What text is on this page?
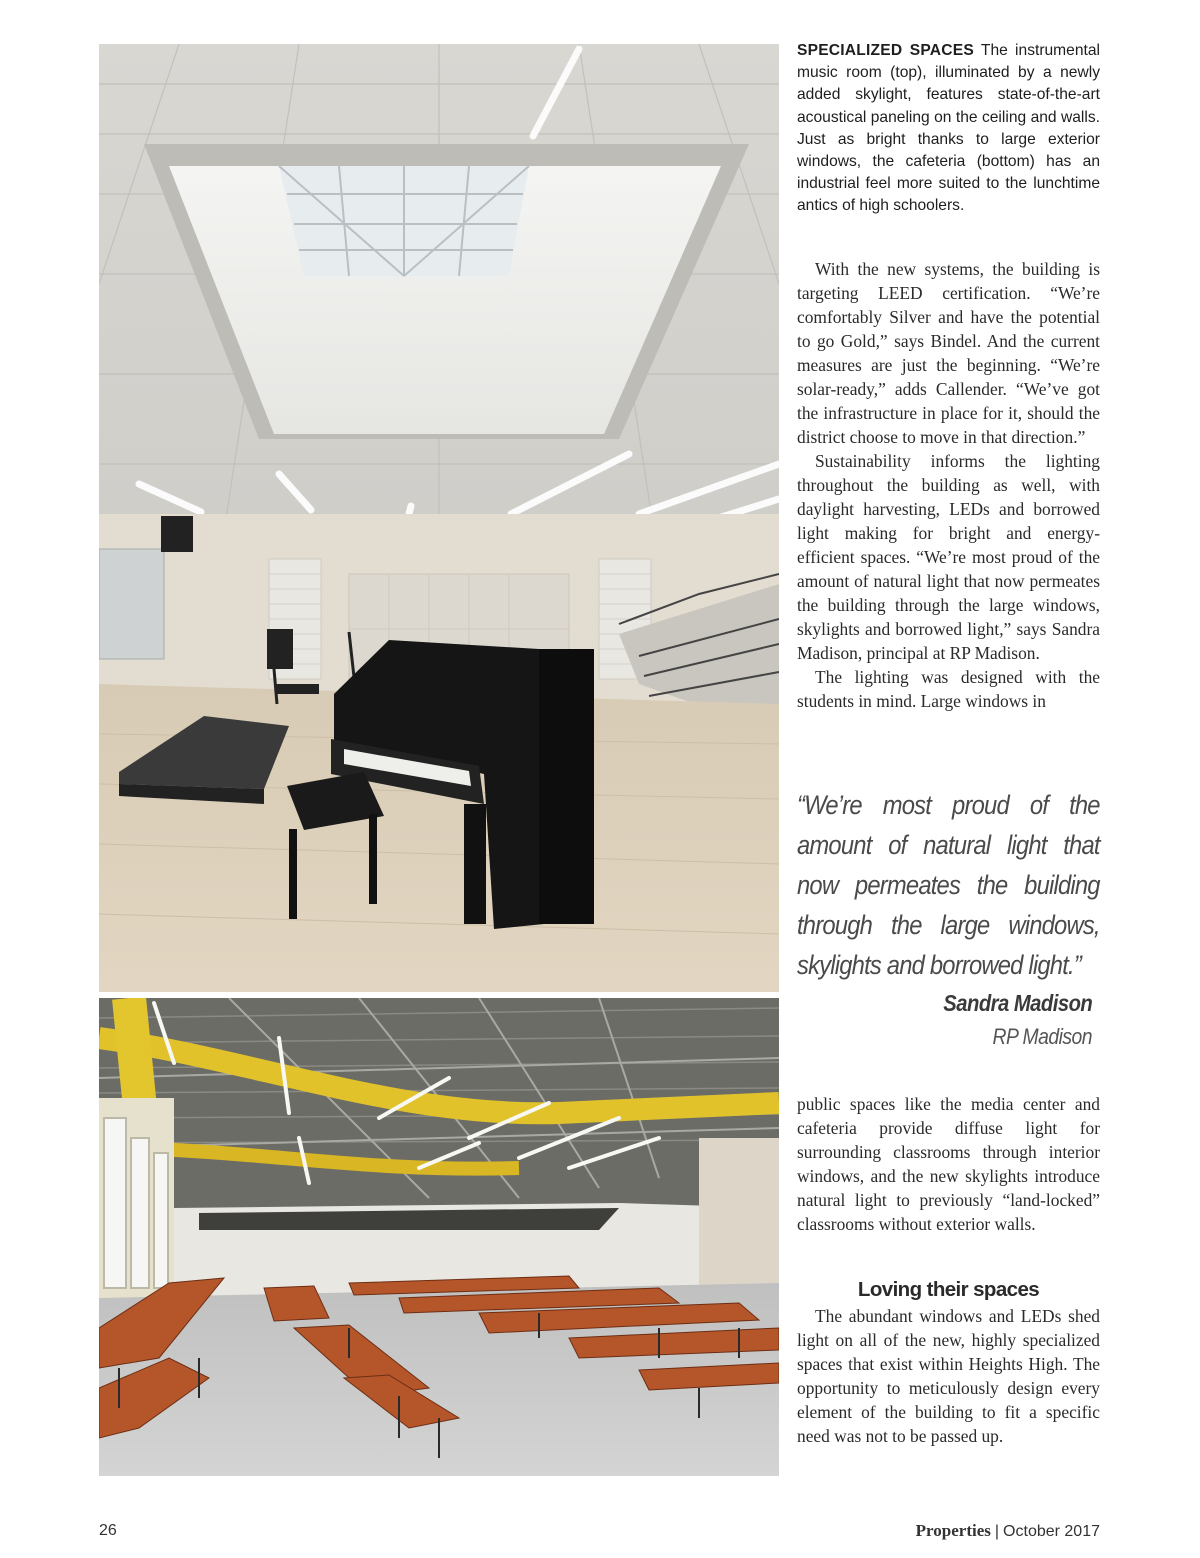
SPECIALIZED SPACES The instrumental music room (top), illuminated by a newly added skylight, features state-of-the-art acoustical paneling on the ceiling and walls. Just as bright thanks to large exterior windows, the cafeteria (bottom) has an industrial feel more suited to the lunchtime antics of high schoolers.

With the new systems, the building is targeting LEED certification. “We’re comfortably Silver and have the potential to go Gold,” says Bindel. And the current measures are just the beginning. “We’re solar-ready,” adds Callender. “We’ve got the infrastructure in place for it, should the district choose to move in that direction.”

Sustainability informs the lighting throughout the building as well, with daylight harvesting, LEDs and borrowed light making for bright and energy-efficient spaces. “We’re most proud of the amount of natural light that now permeates the building through the large windows, skylights and borrowed light,” says Sandra Madison, principal at RP Madison.

The lighting was designed with the students in mind. Large windows in

“We’re most proud of the amount of natural light that now permeates the building through the large windows, skylights and borrowed light.”
Sandra Madison
RP Madison

public spaces like the media center and cafeteria provide diffuse light for surrounding classrooms through interior windows, and the new skylights introduce natural light to previously “land-locked” classrooms without exterior walls.

Loving their spaces

The abundant windows and LEDs shed light on all of the new, highly specialized spaces that exist within Heights High. The opportunity to meticulously design every element of the building to fit a specific need was not to be passed up.

26	Properties | October 2017
